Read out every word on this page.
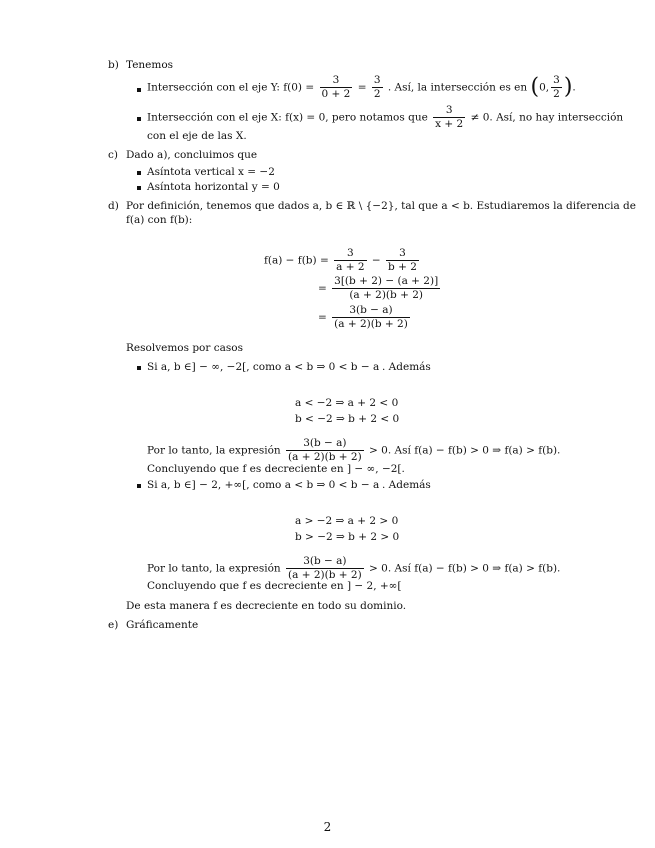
b) Tenemos
Intersección con el eje Y: $f(0) = \frac{3}{0 + 2} = \frac{3}{2}$ . Así, la intersección es en (0, $\frac{3}{2}$ ).
Intersección con el eje X: f(x) = 0, pero notamos que $\frac{3}{x + 2} \ne 0$. Así, no hay intersección
con el eje de las X.
c) Dado a), concluimos que
Asíntota vertical x = −2
Asíntota horizontal y = 0
d) Por definición, tenemos que dados a, b ∈ ℝ \ {−2}, tal que a < b. Estudiaremos la diferencia de
f(a) con f(b):
$f(a) - f(b) = \frac{3}{a + 2} - \frac{3}{b + 2}$
= $\frac{3[(b + 2) - (a + 2)]}{(a + 2)(b + 2)}$
= $\frac{3(b - a)}{(a + 2)(b + 2)}$
Resolvemos por casos
Si a, b ∈] − ∞, −2[, como a < b ⇒ 0 < b − a . Además
a < −2 ⇒ a + 2 < 0
b < −2 ⇒ b + 2 < 0
Por lo tanto, la expresión $\frac{3(b - a)}{(a + 2)(b + 2)} > 0$. Así f(a) − f(b) > 0 ⇒ f(a) > f(b).
Concluyendo que f es decreciente en ] − ∞, −2[.
Si a, b ∈] − 2, +∞[, como a < b ⇒ 0 < b − a . Además
a > −2 ⇒ a + 2 > 0
b > −2 ⇒ b + 2 > 0
Por lo tanto, la expresión $\frac{3(b - a)}{(a + 2)(b + 2)} > 0$. Así f(a) − f(b) > 0 ⇒ f(a) > f(b).
Concluyendo que f es decreciente en ] − 2, +∞[
De esta manera f es decreciente en todo su dominio.
e) Gráficamente
2
